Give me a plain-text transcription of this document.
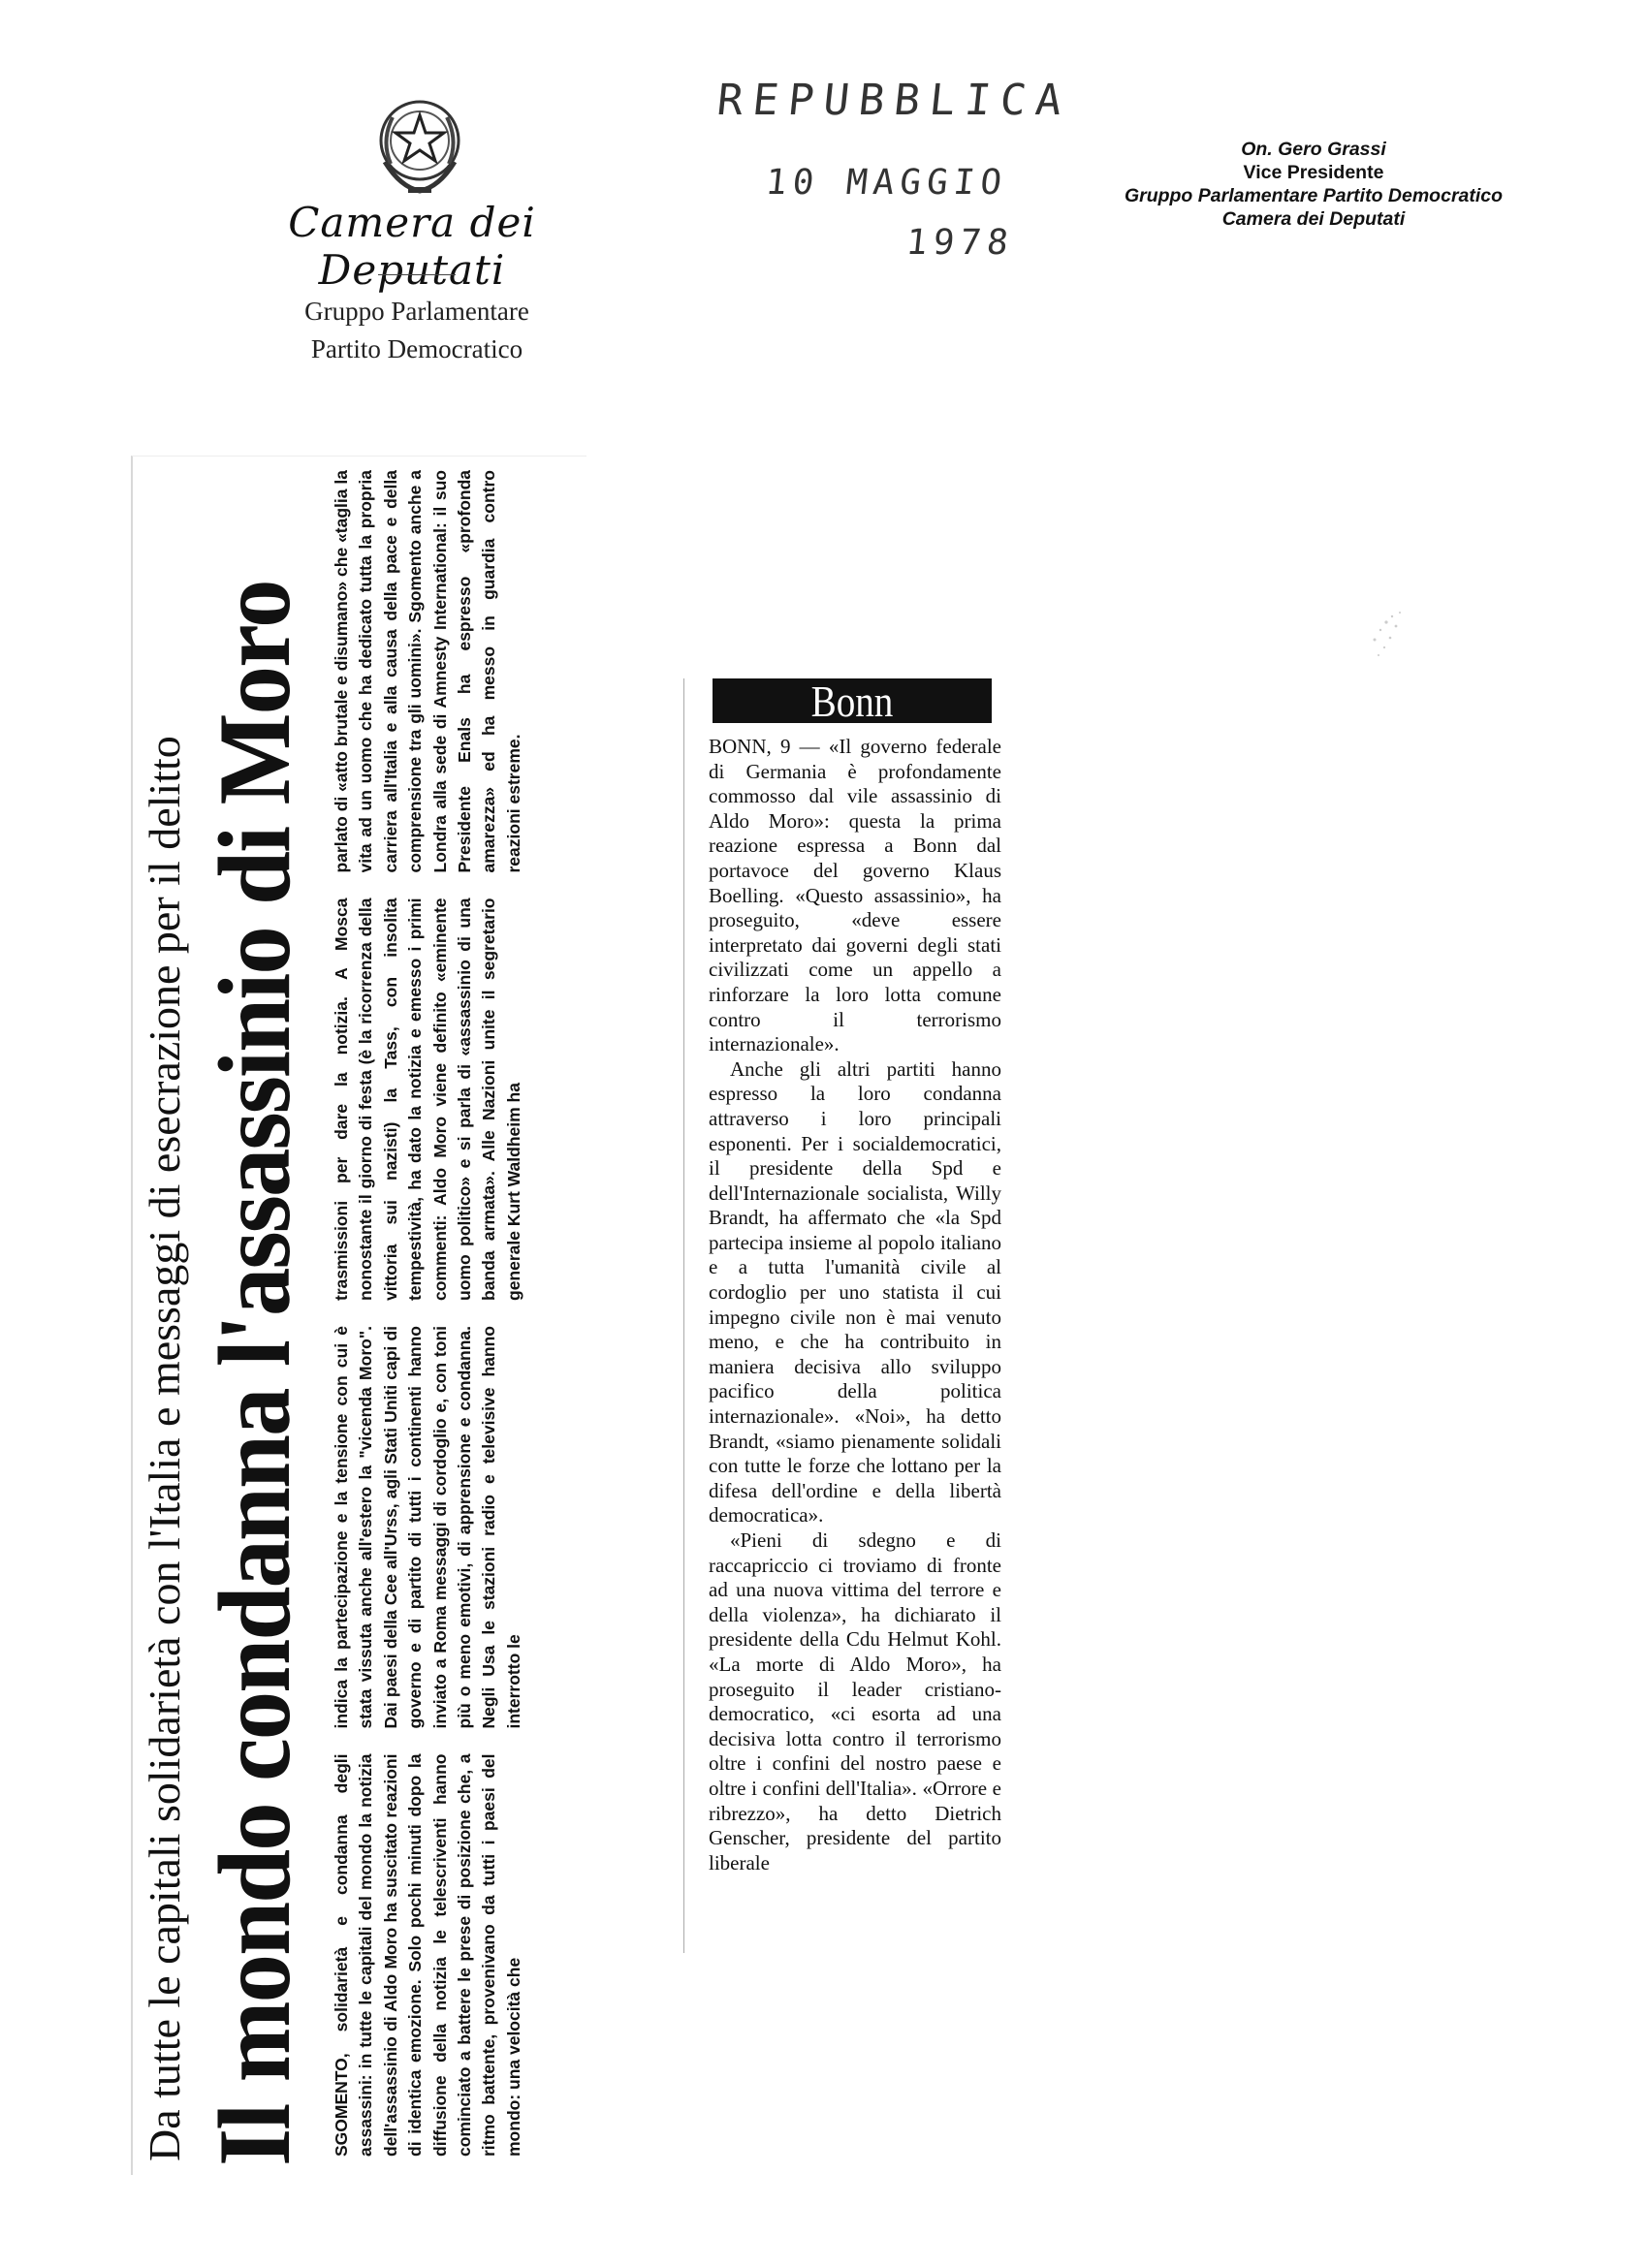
Camera dei Deputati
Gruppo Parlamentare
Partito Democratico
REPUBBLICA
10 MAGGIO
1978
On. Gero Grassi
Vice Presidente
Gruppo Parlamentare Partito Democratico
Camera dei Deputati
Da tutte le capitali solidarietà con l'Italia e messaggi di esecrazione per il delitto Il mondo condanna l'assassinio di Moro SGOMENTO, solidarietà e condanna degli assassini: in tutte le capitali del mondo la notizia dell'assassinio di Aldo Moro ha suscitato reazioni di identica emozione. Solo pochi minuti dopo la diffusione della notizia le telescriventi hanno cominciato a battere le prese di posizione che, a ritmo battente, provenivano da tutti i paesi del mondo: una velocità che
indica la partecipazione e la tensione con cui è stata vissuta anche all'estero la "vicenda Moro". Dai paesi della Cee all'Urss, agli Stati Uniti capi di governo e di partito di tutti i continenti hanno inviato a Roma messaggi di cordoglio e, con toni più o meno emotivi, di apprensione e condanna. Negli Usa le stazioni radio e televisive hanno interrotto le
trasmissioni per dare la notizia. A Mosca nonostante il giorno di festa (è la ricorrenza della vittoria sui nazisti) la Tass, con insolita tempestività, ha dato la notizia e emesso i primi commenti: Aldo Moro viene definito «eminente uomo politico» e si parla di «assassinio di una banda armata». Alle Nazioni unite il segretario generale Kurt Waldheim ha
parlato di «atto brutale e disumano» che «taglia la vita ad un uomo che ha dedicato tutta la propria carriera all'Italia e alla causa della pace e della comprensione tra gli uomini». Sgomento anche a Londra alla sede di Amnesty International: il suo Presidente Enals ha espresso «profonda amarezza» ed ha messo in guardia contro reazioni estreme.
Bonn

BONN, 9 — «Il governo federale di Germania è profondamente commosso dal vile assassinio di Aldo Moro»: questa la prima reazione espressa a Bonn dal portavoce del governo Klaus Boelling. «Questo assassinio», ha proseguito, «deve essere interpretato dai governi degli stati civilizzati come un appello a rinforzare la loro lotta comune contro il terrorismo internazionale».

Anche gli altri partiti hanno espresso la loro condanna attraverso i loro principali esponenti. Per i socialdemocratici, il presidente della Spd e dell'Internazionale socialista, Willy Brandt, ha affermato che «la Spd partecipa insieme al popolo italiano e a tutta l'umanità civile al cordoglio per uno statista il cui impegno civile non è mai venuto meno, e che ha contribuito in maniera decisiva allo sviluppo pacifico della politica internazionale». «Noi», ha detto Brandt, «siamo pienamente solidali con tutte le forze che lottano per la difesa dell'ordine e della libertà democratica».

«Pieni di sdegno e di raccapriccio ci troviamo di fronte ad una nuova vittima del terrore e della violenza», ha dichiarato il presidente della Cdu Helmut Kohl. «La morte di Aldo Moro», ha proseguito il leader cristiano-democratico, «ci esorta ad una decisiva lotta contro il terrorismo oltre i confini del nostro paese e oltre i confini dell'Italia». «Orrore e ribrezzo», ha detto Dietrich Genscher, presidente del partito liberale
